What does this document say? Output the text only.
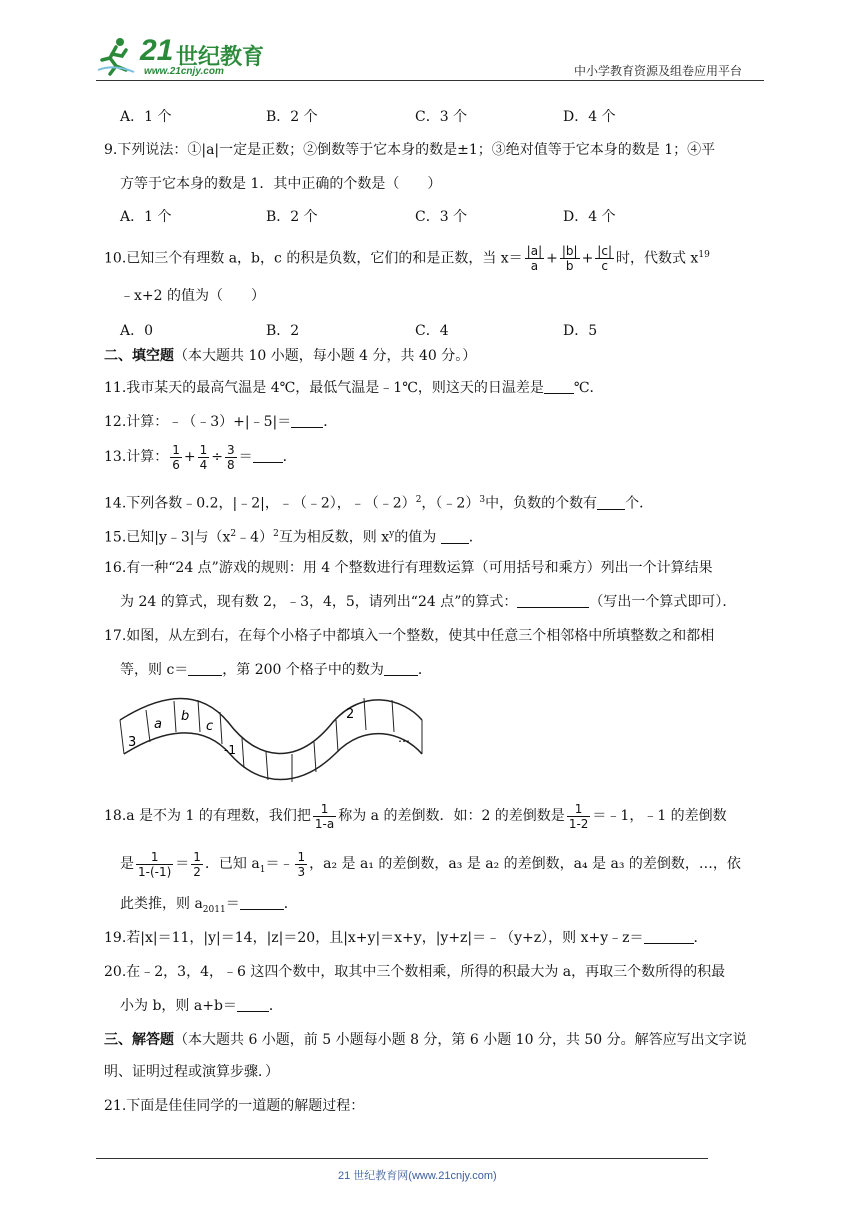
21 世纪教育
www.21cnjy.com	中小学教育资源及组卷应用平台
A．1 个	B．2 个	C．3 个	D．4 个
9.下列说法：①|a|一定是正数；②倒数等于它本身的数是±1；③绝对值等于它本身的数是 1；④平
方等于它本身的数是 1．其中正确的个数是（　　）
A．1 个	B．2 个	C．3 个	D．4 个
10.已知三个有理数 a，b，c 的积是负数，它们的和是正数，当 $x= \frac{|a|}{a} + \frac{|b|}{b} + \frac{|c|}{c}$ 时，代数式 $x^{19}$
﹣x+2 的值为（　　）
A．0	B．2	C．4	D．5
二、填空题（本大题共 10 小题，每小题 4 分，共 40 分。）
11.我市某天的最高气温是 4℃，最低气温是﹣1℃，则这天的日温差是 ℃．
12.计算：﹣（﹣3）+|﹣5|＝ ．
13.计算： $\frac{1}{6} + \frac{1}{4} \div \frac{3}{8}$ ＝ ．
14.下列各数﹣0.2，|﹣2|，﹣（﹣2），﹣（﹣2）$^2$，（﹣2）$^3$中，负数的个数有 个．
15.已知|y﹣3|与$(x^2﹣4)^2$互为相反数，则 $x^y$的值为 ．
16.有一种“24 点”游戏的规则：用 4 个整数进行有理数运算（可用括号和乘方）列出一个计算结果
为 24 的算式，现有数 2，﹣3，4，5，请列出“24 点”的算式：	（写出一个算式即可）．
17.如图，从左到右，在每个小格子中都填入一个整数，使其中任意三个相邻格中所填整数之和都相
等，则 c＝ ，第 200 个格子中的数为 ．
3
a
b
c
-1
2
…
18.a 是不为 1 的有理数，我们把 $\frac{1}{1-a}$ 称为 a 的差倒数．如：2 的差倒数是 $\frac{1}{1-2}$ ＝﹣1，﹣1 的差倒数
是 $\frac{1}{1-(-1)} = \frac{1}{2}$ ．已知 $a_1=﹣ \frac{1}{3}$ ，a₂ 是 a₁ 的差倒数，a₃ 是 a₂ 的差倒数，a₄ 是 a₃ 的差倒数，…，依
此类推，则 $a_{2011}=$	．
19.若|x|＝11，|y|＝14，|z|＝20，且|x+y|＝x+y，|y+z|＝﹣（y+z），则 x+y﹣z＝	．
20.在﹣2，3，4，﹣6 这四个数中，取其中三个数相乘，所得的积最大为 a，再取三个数所得的积最
小为 b，则 a+b＝ ．
三、解答题（本大题共 6 小题，前 5 小题每小题 8 分，第 6 小题 10 分，共 50 分。解答应写出文字说
明、证明过程或演算步骤．）
21.下面是佳佳同学的一道题的解题过程：
21 世纪教育网(www.21cnjy.com)
